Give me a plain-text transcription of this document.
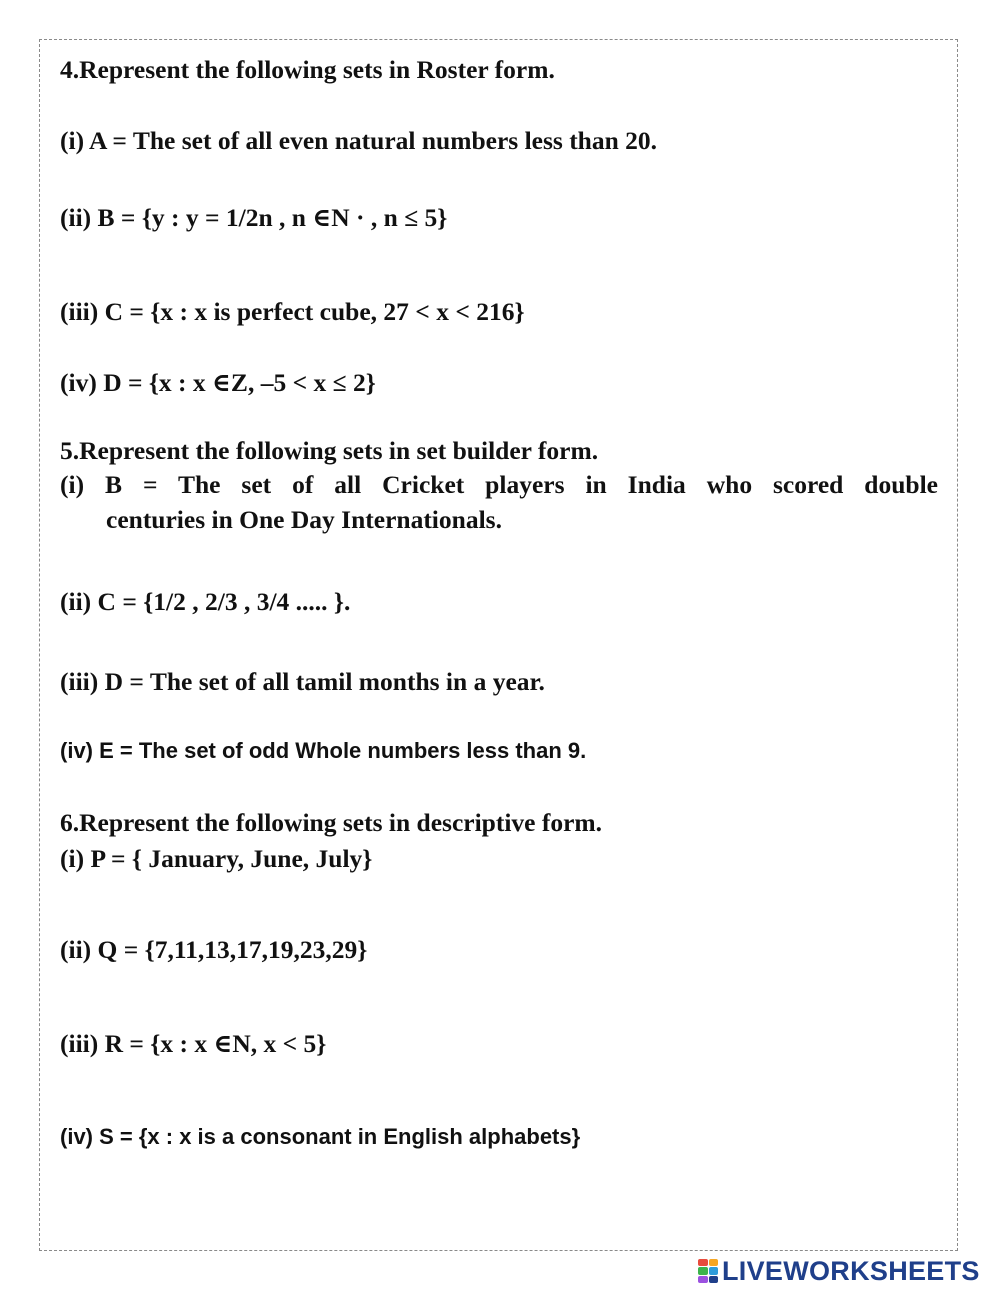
4.Represent the following sets in Roster form.
(i) A = The set of all even natural numbers less than 20.
(ii) B = {y : y = 1/2n , n ∈N · , n ≤ 5}
(iii) C = {x : x is perfect cube, 27 < x < 216}
(iv) D = {x : x ∈Z, –5 < x ≤ 2}
5.Represent the following sets in set builder form.
(i) B = The set of all Cricket players in India who scored double
centuries in One Day Internationals.
(ii) C = {1/2 , 2/3 , 3/4 ..... }.
(iii) D = The set of all tamil months in a year.
(iv) E = The set of odd Whole numbers less than 9.
6.Represent the following sets in descriptive form.
(i) P = { January, June, July}
(ii) Q = {7,11,13,17,19,23,29}
(iii) R = {x : x ∈N, x < 5}
(iv) S = {x : x is a consonant in English alphabets}
LIVEWORKSHEETS
